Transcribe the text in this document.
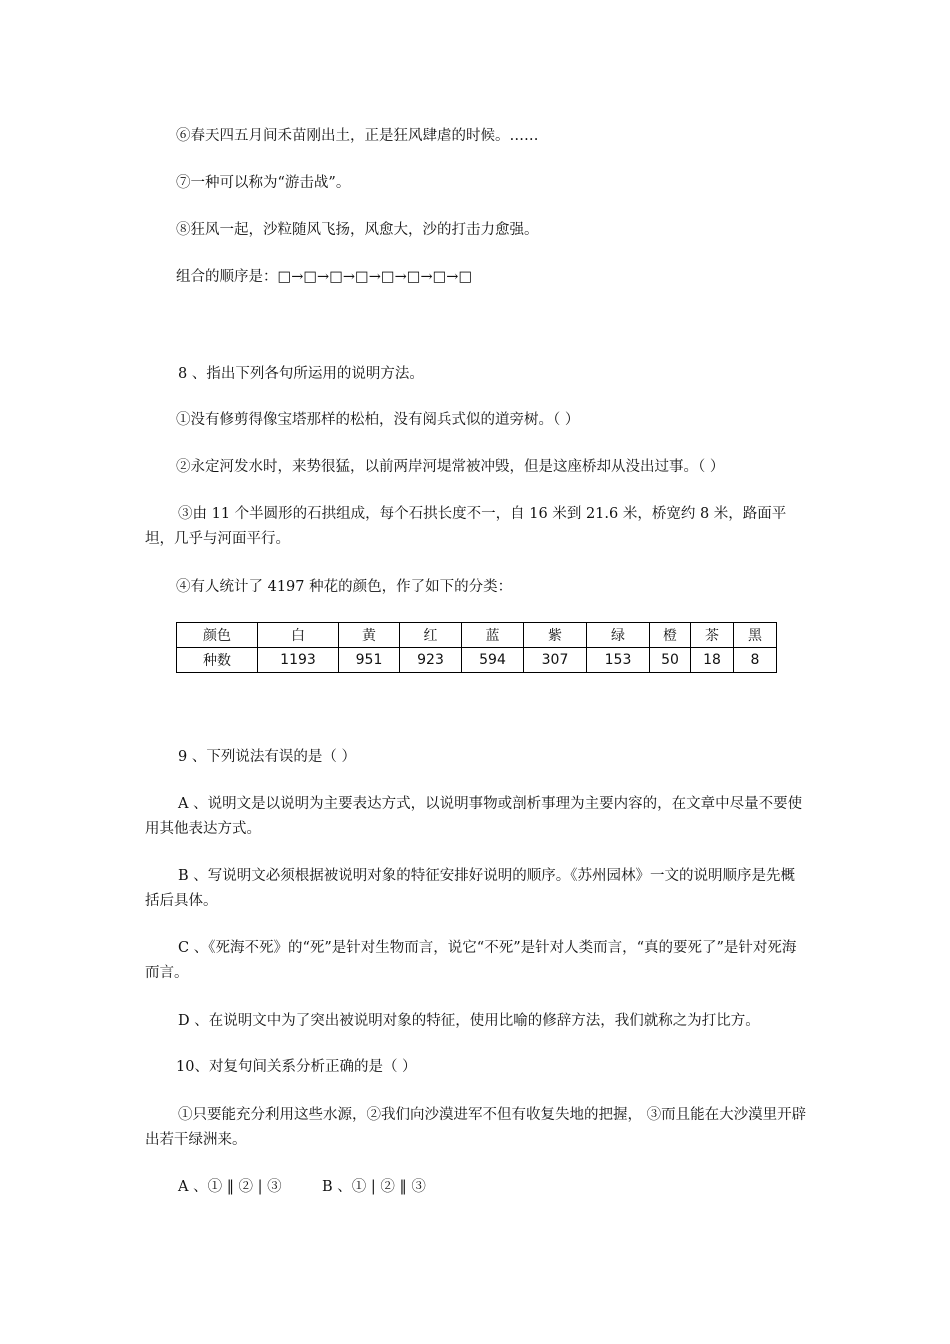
⑥春天四五月间禾苗刚出土，正是狂风肆虐的时候。……
⑦一种可以称为“游击战”。
⑧狂风一起，沙粒随风飞扬，风愈大，沙的打击力愈强。
组合的顺序是：□→□→□→□→□→□→□→□
8 、指出下列各句所运用的说明方法。
①没有修剪得像宝塔那样的松柏，没有阅兵式似的道旁树。（ ）
②永定河发水时，来势很猛，以前两岸河堤常被冲毁，但是这座桥却从没出过事。（ ）
③由 11 个半圆形的石拱组成，每个石拱长度不一，自 16 米到 21.6 米，桥宽约 8 米，路面平坦，几乎与河面平行。
④有人统计了 4197 种花的颜色，作了如下的分类：
颜色	白	黄	红	蓝	紫	绿	橙	茶	黑
种数	1193	951	923	594	307	153	50	18	8
9 、下列说法有误的是（ ）
A 、说明文是以说明为主要表达方式，以说明事物或剖析事理为主要内容的，在文章中尽量不要使用其他表达方式。
B 、写说明文必须根据被说明对象的特征安排好说明的顺序。《苏州园林》一文的说明顺序是先概括后具体。
C 、《死海不死》的“死”是针对生物而言，说它“不死”是针对人类而言，“真的要死了”是针对死海而言。
D 、在说明文中为了突出被说明对象的特征，使用比喻的修辞方法，我们就称之为打比方。
10、对复句间关系分析正确的是（ ）
①只要能充分利用这些水源，②我们向沙漠进军不但有收复失地的把握， ③而且能在大沙漠里开辟出若干绿洲来。
A 、① ‖ ② | ③	B 、① | ② ‖ ③
